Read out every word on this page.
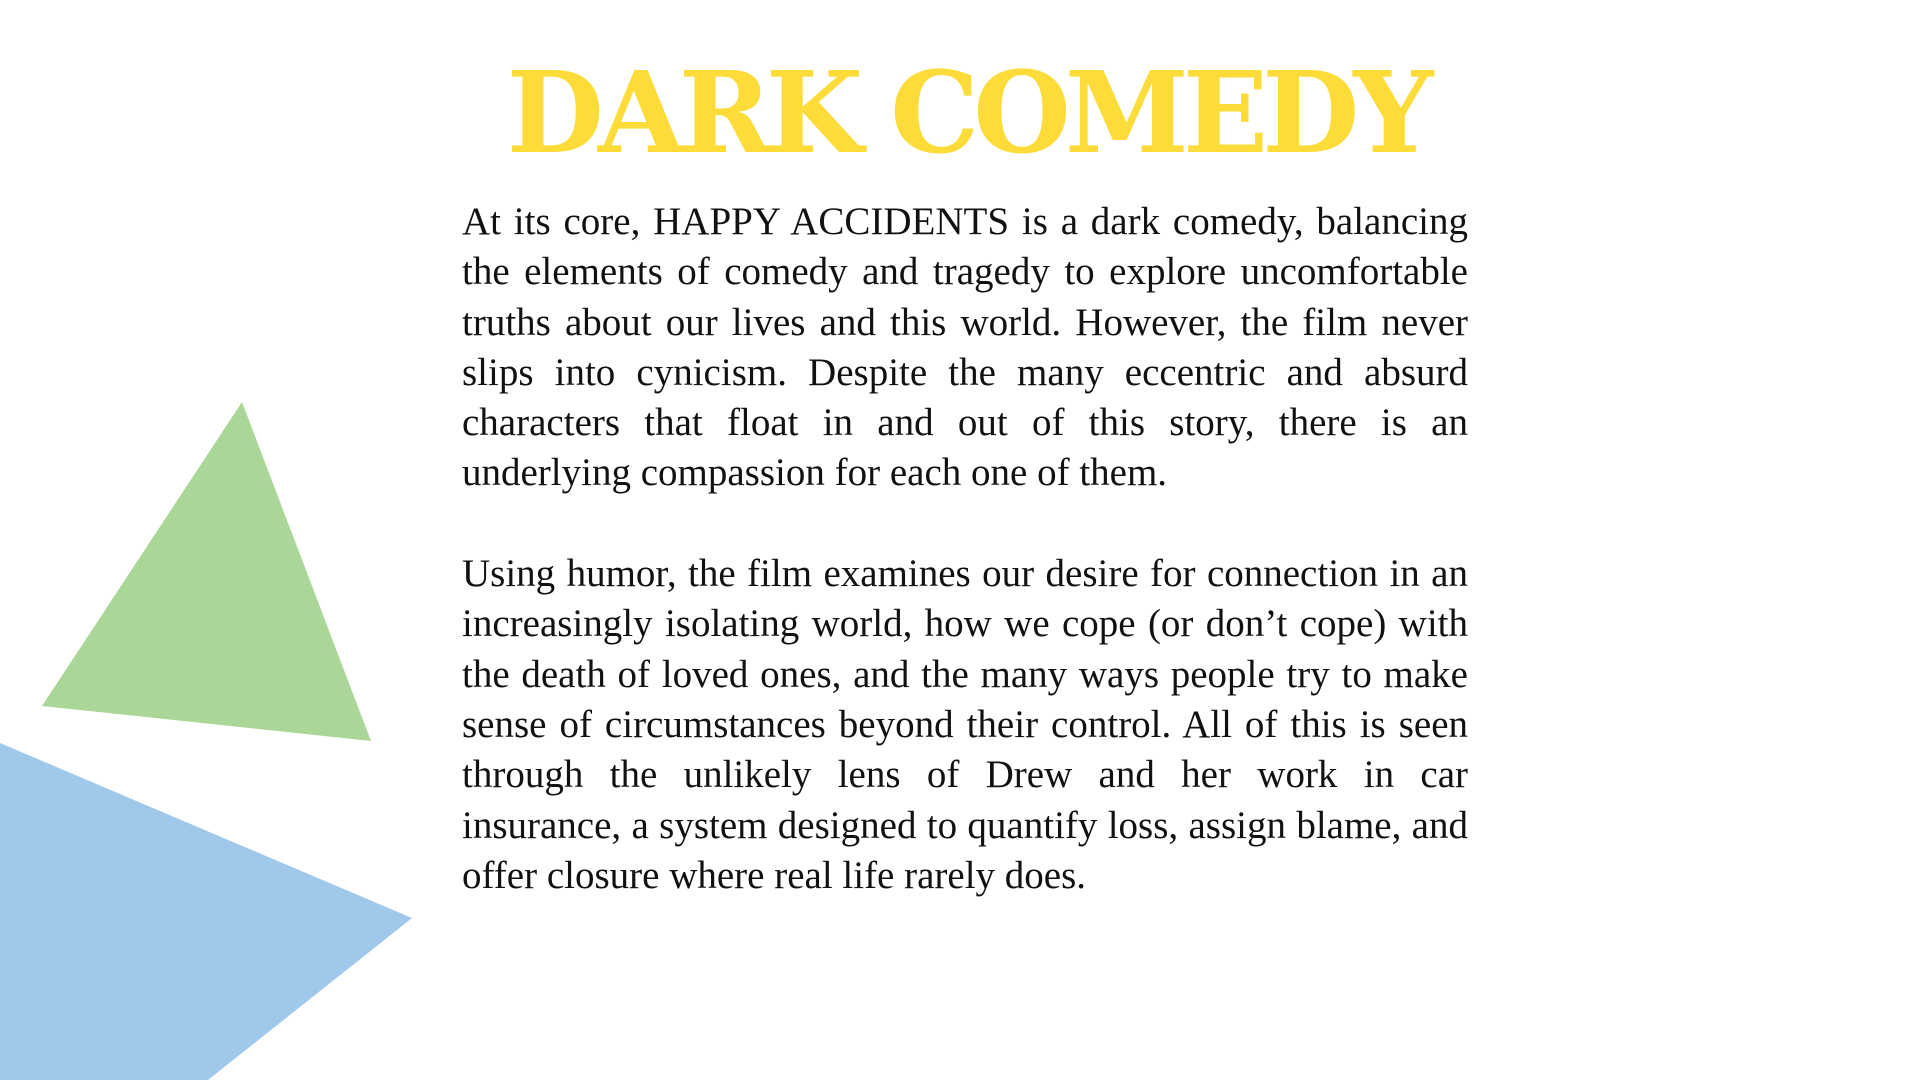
DARK COMEDY

At its core, HAPPY ACCIDENTS is a dark comedy, balancing the elements of comedy and tragedy to explore uncomfortable truths about our lives and this world. However, the film never slips into cynicism. Despite the many eccentric and absurd characters that float in and out of this story, there is an underlying compassion for each one of them.

Using humor, the film examines our desire for connection in an increasingly isolating world, how we cope (or don’t cope) with the death of loved ones, and the many ways people try to make sense of circumstances beyond their control. All of this is seen through the unlikely lens of Drew and her work in car insurance, a system designed to quantify loss, assign blame, and offer closure where real life rarely does.
